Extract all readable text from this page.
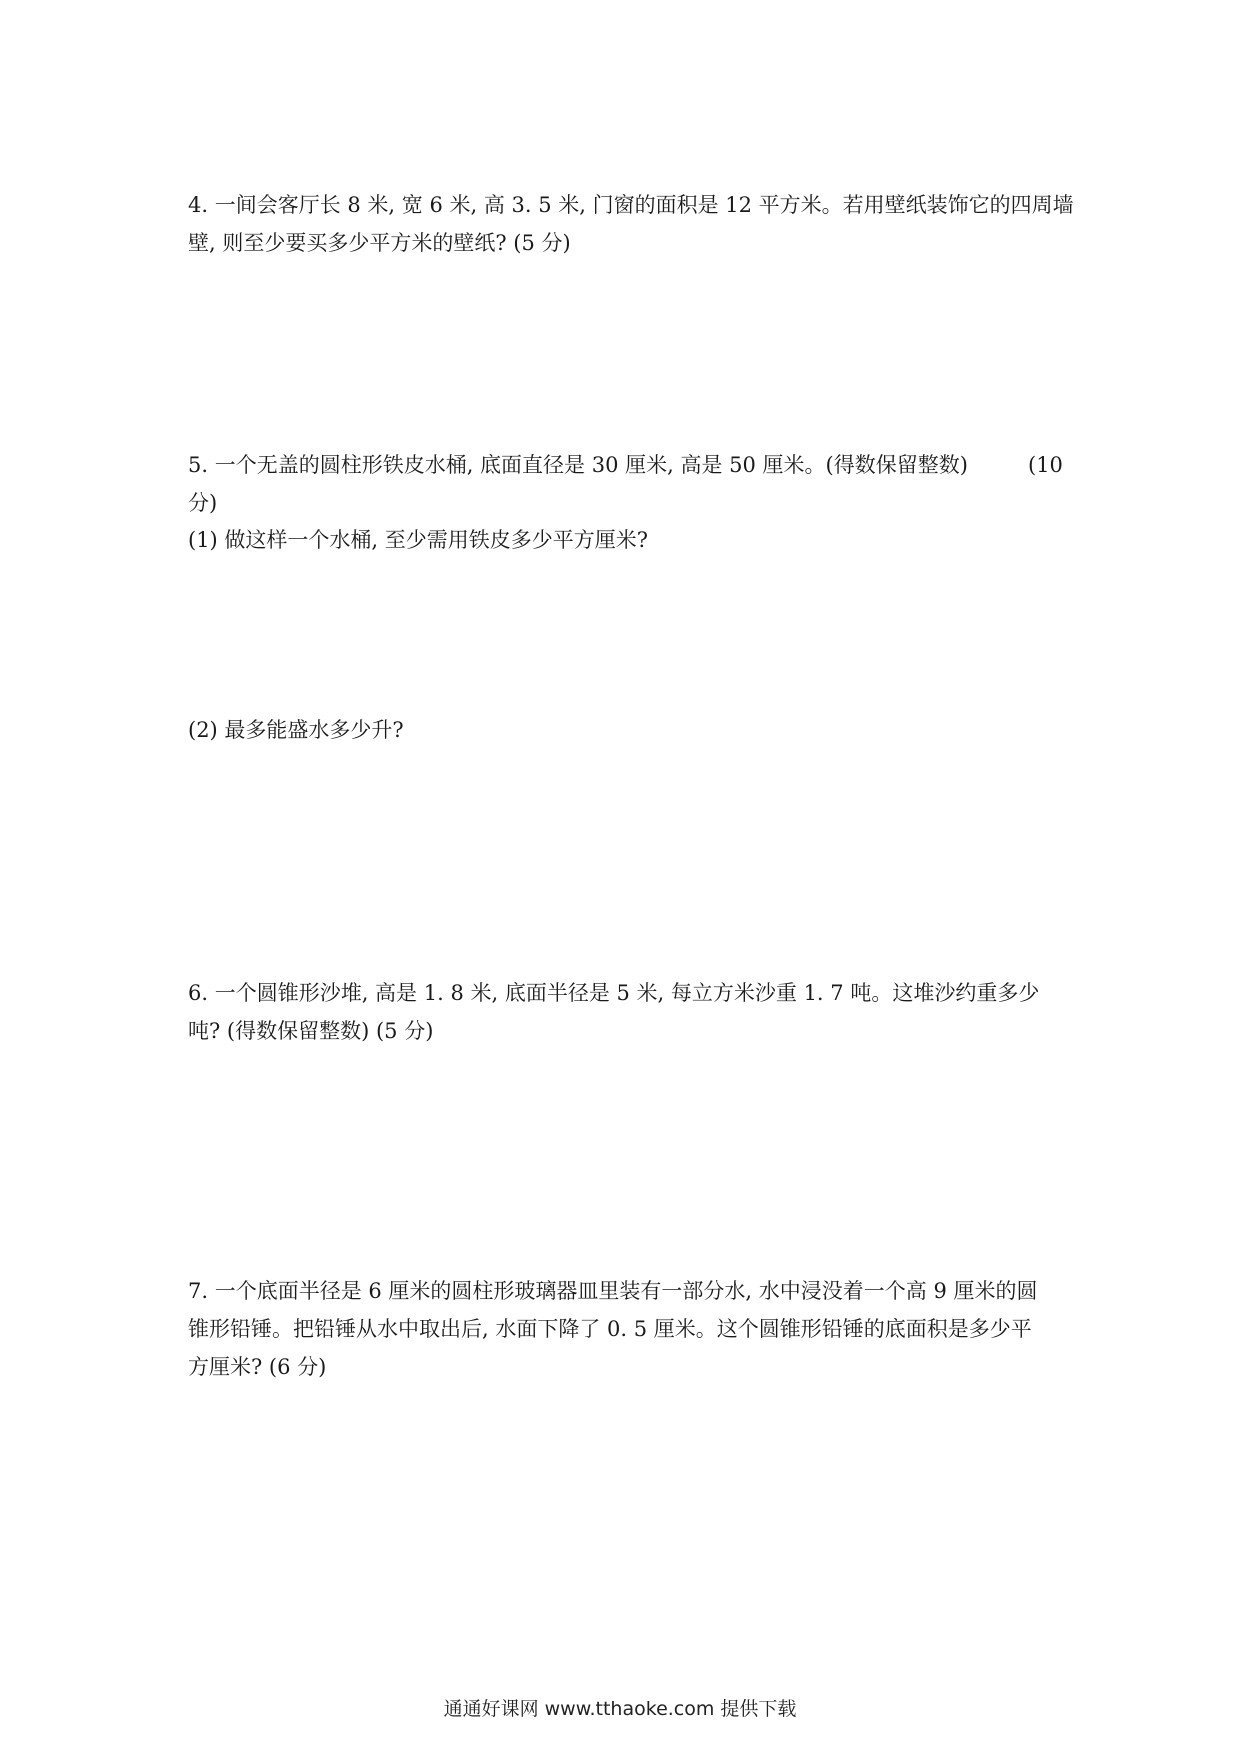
4. 一间会客厅长 8 米, 宽 6 米, 高 3. 5 米, 门窗的面积是 12 平方米。若用壁纸装饰它的四周墙
壁, 则至少要买多少平方米的壁纸? (5 分)
5. 一个无盖的圆柱形铁皮水桶, 底面直径是 30 厘米, 高是 50 厘米。(得数保留整数)	(10
分)
(1) 做这样一个水桶, 至少需用铁皮多少平方厘米?
(2) 最多能盛水多少升?
6. 一个圆锥形沙堆, 高是 1. 8 米, 底面半径是 5 米, 每立方米沙重 1. 7 吨。这堆沙约重多少
吨? (得数保留整数) (5 分)
7. 一个底面半径是 6 厘米的圆柱形玻璃器皿里装有一部分水, 水中浸没着一个高 9 厘米的圆
锥形铅锤。把铅锤从水中取出后, 水面下降了 0. 5 厘米。这个圆锥形铅锤的底面积是多少平
方厘米? (6 分)
通通好课网 www.tthaoke.com 提供下载
